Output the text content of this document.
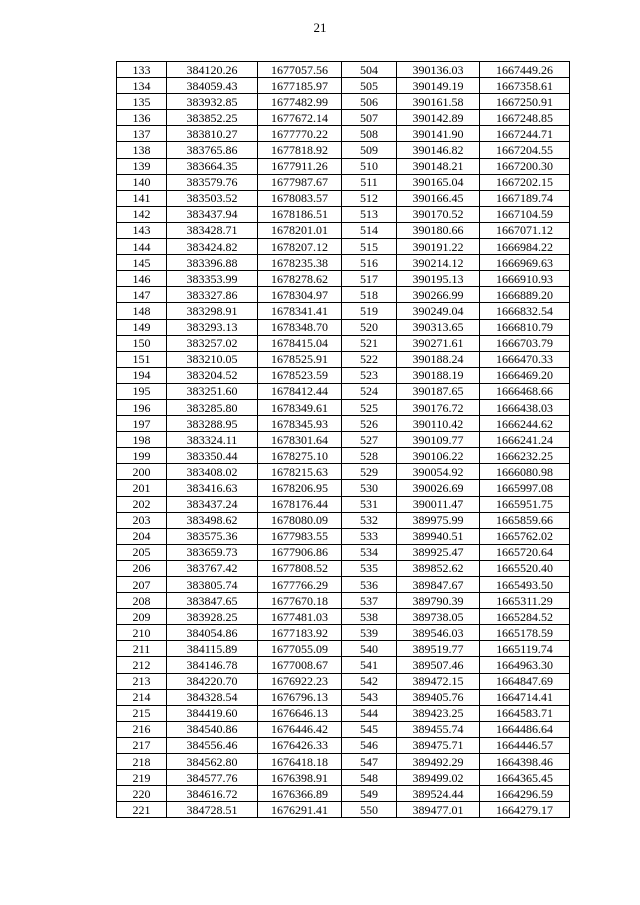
21
133	384120.26	1677057.56	504	390136.03	1667449.26
134	384059.43	1677185.97	505	390149.19	1667358.61
135	383932.85	1677482.99	506	390161.58	1667250.91
136	383852.25	1677672.14	507	390142.89	1667248.85
137	383810.27	1677770.22	508	390141.90	1667244.71
138	383765.86	1677818.92	509	390146.82	1667204.55
139	383664.35	1677911.26	510	390148.21	1667200.30
140	383579.76	1677987.67	511	390165.04	1667202.15
141	383503.52	1678083.57	512	390166.45	1667189.74
142	383437.94	1678186.51	513	390170.52	1667104.59
143	383428.71	1678201.01	514	390180.66	1667071.12
144	383424.82	1678207.12	515	390191.22	1666984.22
145	383396.88	1678235.38	516	390214.12	1666969.63
146	383353.99	1678278.62	517	390195.13	1666910.93
147	383327.86	1678304.97	518	390266.99	1666889.20
148	383298.91	1678341.41	519	390249.04	1666832.54
149	383293.13	1678348.70	520	390313.65	1666810.79
150	383257.02	1678415.04	521	390271.61	1666703.79
151	383210.05	1678525.91	522	390188.24	1666470.33
194	383204.52	1678523.59	523	390188.19	1666469.20
195	383251.60	1678412.44	524	390187.65	1666468.66
196	383285.80	1678349.61	525	390176.72	1666438.03
197	383288.95	1678345.93	526	390110.42	1666244.62
198	383324.11	1678301.64	527	390109.77	1666241.24
199	383350.44	1678275.10	528	390106.22	1666232.25
200	383408.02	1678215.63	529	390054.92	1666080.98
201	383416.63	1678206.95	530	390026.69	1665997.08
202	383437.24	1678176.44	531	390011.47	1665951.75
203	383498.62	1678080.09	532	389975.99	1665859.66
204	383575.36	1677983.55	533	389940.51	1665762.02
205	383659.73	1677906.86	534	389925.47	1665720.64
206	383767.42	1677808.52	535	389852.62	1665520.40
207	383805.74	1677766.29	536	389847.67	1665493.50
208	383847.65	1677670.18	537	389790.39	1665311.29
209	383928.25	1677481.03	538	389738.05	1665284.52
210	384054.86	1677183.92	539	389546.03	1665178.59
211	384115.89	1677055.09	540	389519.77	1665119.74
212	384146.78	1677008.67	541	389507.46	1664963.30
213	384220.70	1676922.23	542	389472.15	1664847.69
214	384328.54	1676796.13	543	389405.76	1664714.41
215	384419.60	1676646.13	544	389423.25	1664583.71
216	384540.86	1676446.42	545	389455.74	1664486.64
217	384556.46	1676426.33	546	389475.71	1664446.57
218	384562.80	1676418.18	547	389492.29	1664398.46
219	384577.76	1676398.91	548	389499.02	1664365.45
220	384616.72	1676366.89	549	389524.44	1664296.59
221	384728.51	1676291.41	550	389477.01	1664279.17
